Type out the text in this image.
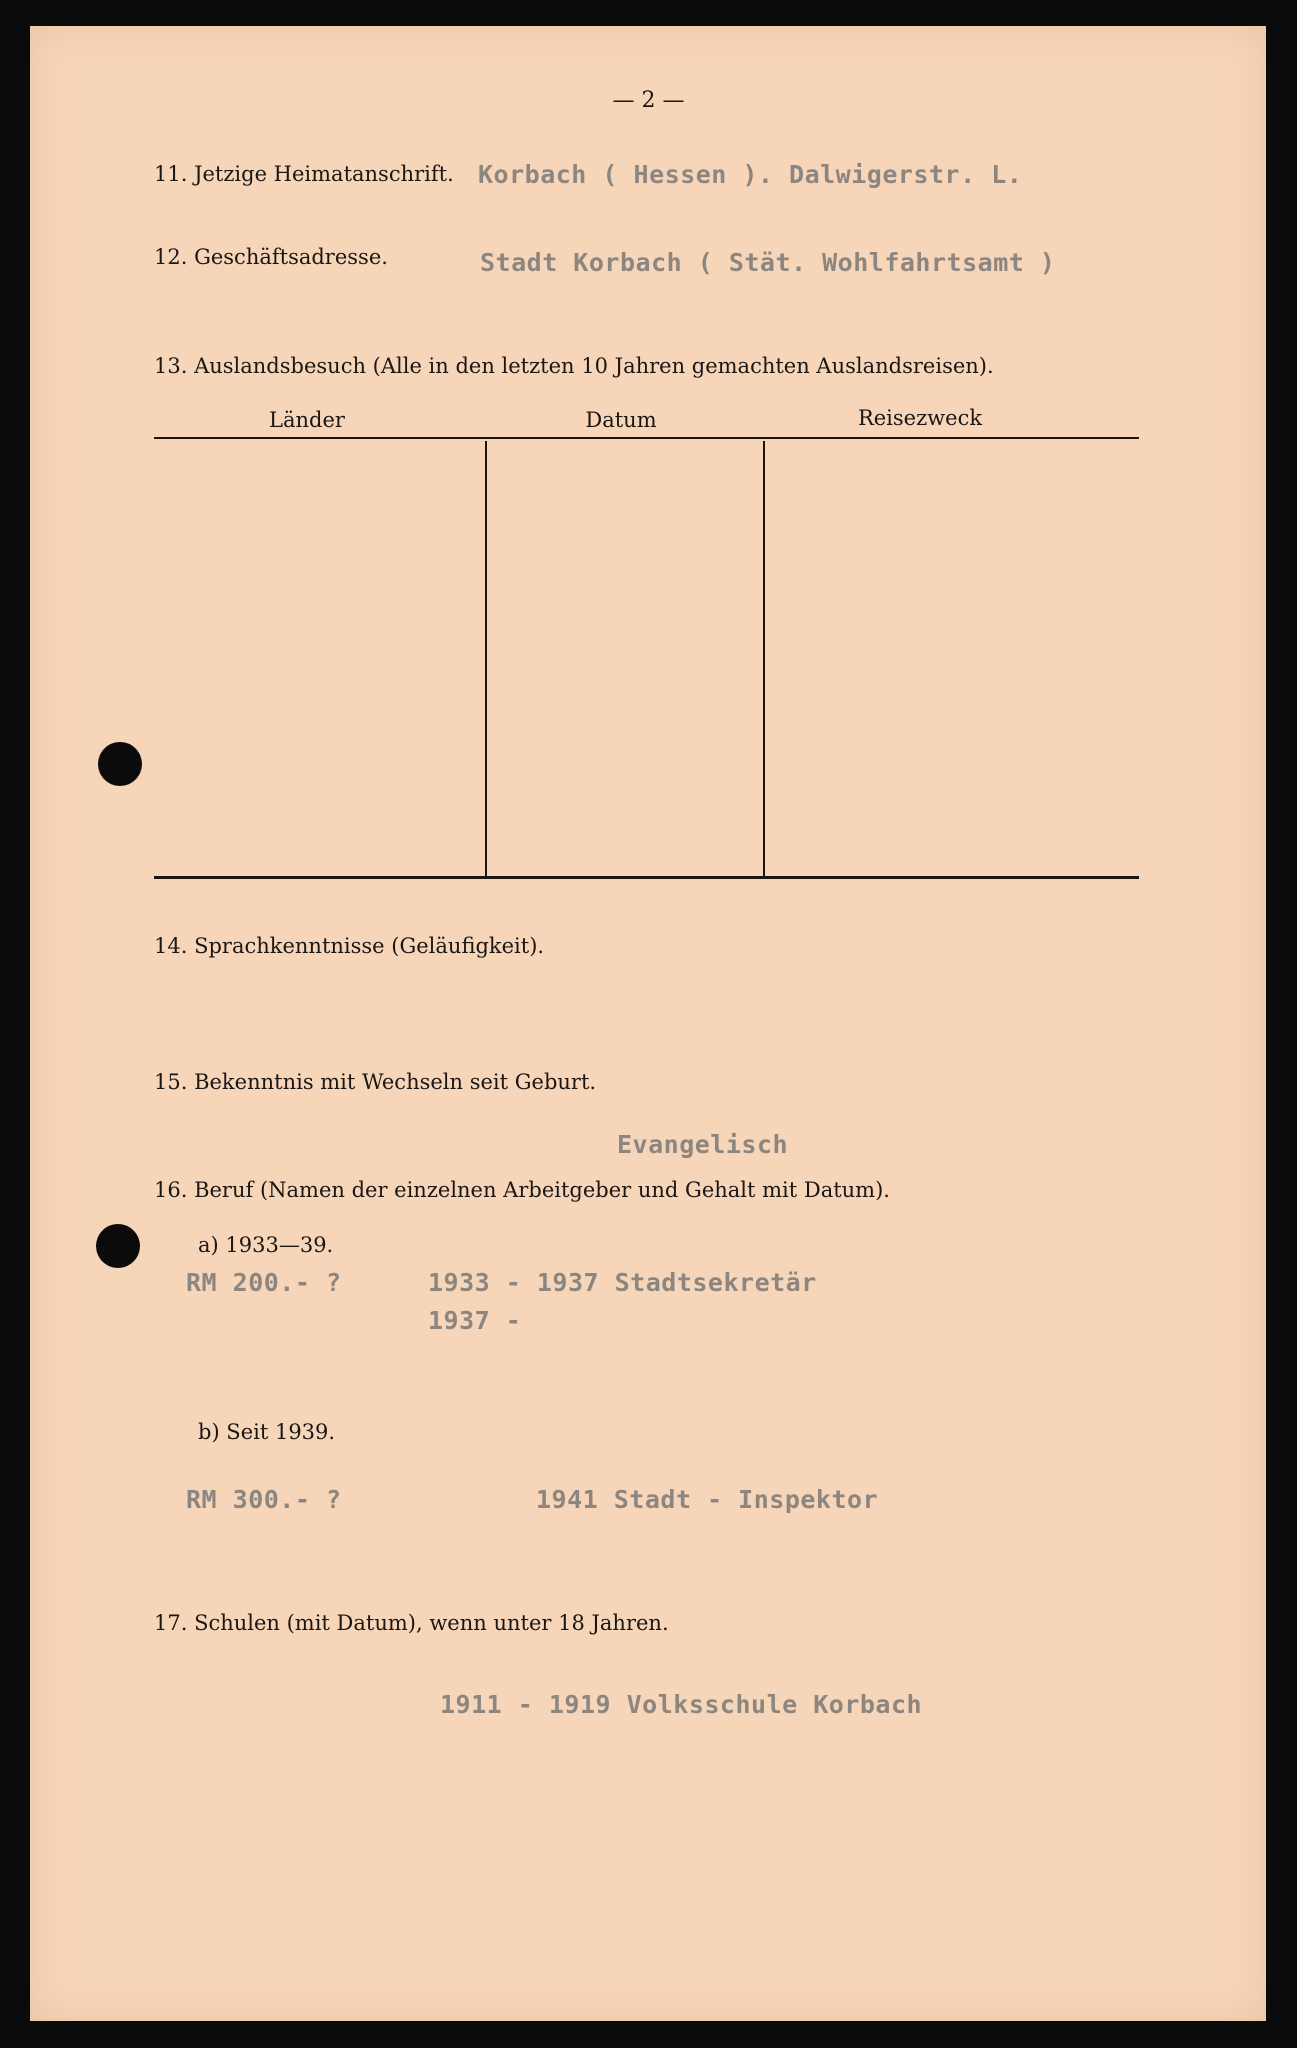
— 2 —
11. Jetzige Heimatanschrift. Korbach ( Hessen ). Dalwigerstr. L.
12. Geschäftsadresse.	Stadt Korbach ( Stät. Wohlfahrtsamt )
13. Auslandsbesuch (Alle in den letzten 10 Jahren gemachten Auslandsreisen).
Länder	Datum	Reisezweck
14. Sprachkenntnisse (Geläufigkeit).
15. Bekenntnis mit Wechseln seit Geburt.
Evangelisch
16. Beruf (Namen der einzelnen Arbeitgeber und Gehalt mit Datum).
a) 1933—39.
RM 200.- ?	1933 - 1937 Stadtsekretär
1937 -
b) Seit 1939.
RM 300.- ?	1941 Stadt - Inspektor
17. Schulen (mit Datum), wenn unter 18 Jahren.
1911 - 1919 Volksschule Korbach
